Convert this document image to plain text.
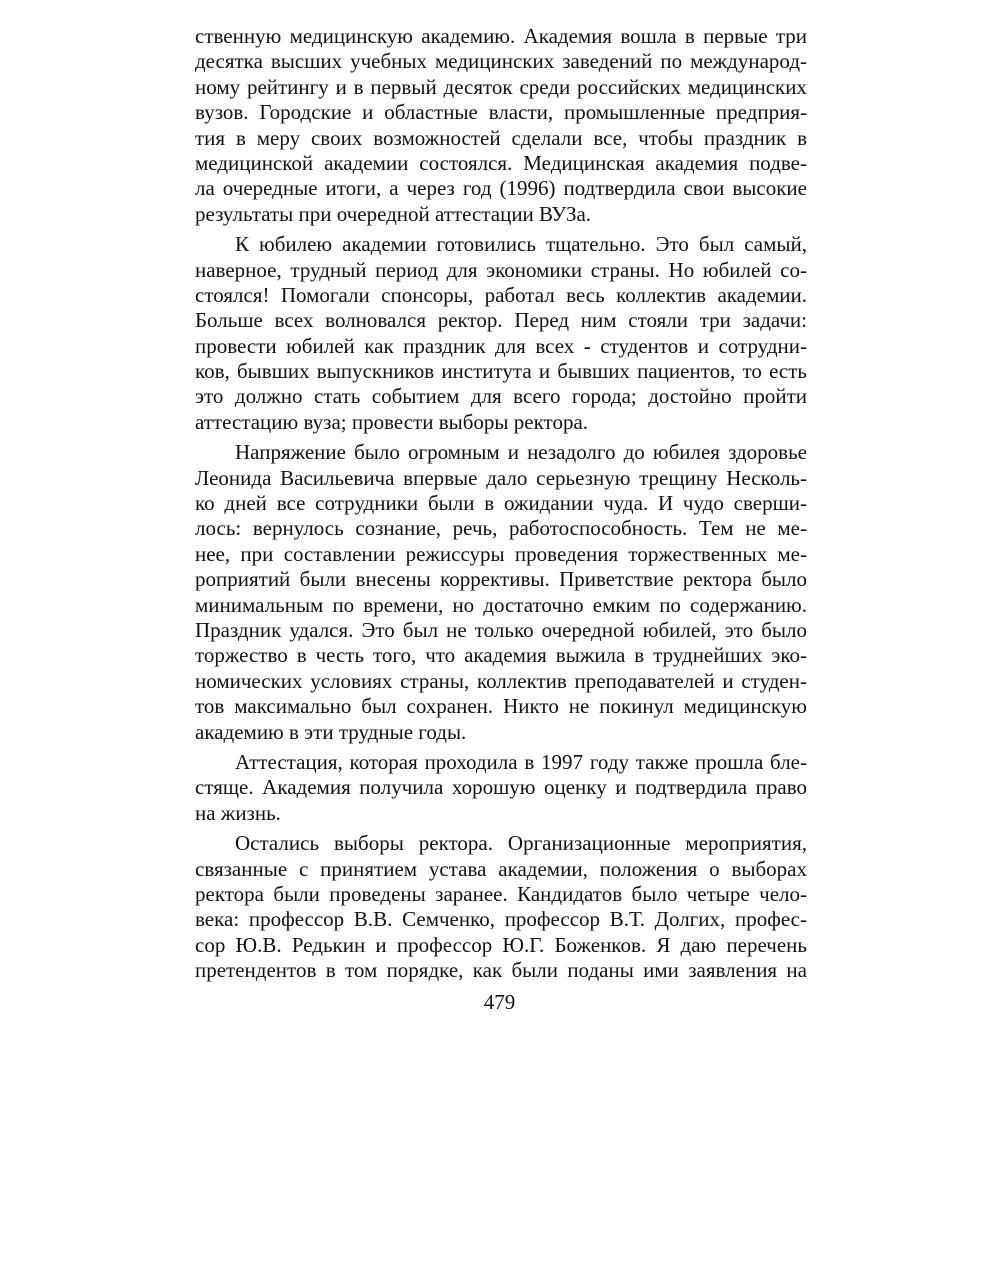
ственную медицинскую академию. Академия вошла в первые три
десятка высших учебных медицинских заведений по международ-
ному рейтингу и в первый десяток среди российских медицинских
вузов. Городские и областные власти, промышленные предприя-
тия в меру своих возможностей сделали все, чтобы праздник в
медицинской академии состоялся. Медицинская академия подве-
ла очередные итоги, а через год (1996) подтвердила свои высокие
результаты при очередной аттестации ВУЗа.
К юбилею академии готовились тщательно. Это был самый,
наверное, трудный период для экономики страны. Но юбилей со-
стоялся! Помогали спонсоры, работал весь коллектив академии.
Больше всех волновался ректор. Перед ним стояли три задачи:
провести юбилей как праздник для всех - студентов и сотрудни-
ков, бывших выпускников института и бывших пациентов, то есть
это должно стать событием для всего города; достойно пройти
аттестацию вуза; провести выборы ректора.
Напряжение было огромным и незадолго до юбилея здоровье
Леонида Васильевича впервые дало серьезную трещину Несколь-
ко дней все сотрудники были в ожидании чуда. И чудо сверши-
лось: вернулось сознание, речь, работоспособность. Тем не ме-
нее, при составлении режиссуры проведения торжественных ме-
роприятий были внесены коррективы. Приветствие ректора было
минимальным по времени, но достаточно емким по содержанию.
Праздник удался. Это был не только очередной юбилей, это было
торжество в честь того, что академия выжила в труднейших эко-
номических условиях страны, коллектив преподавателей и студен-
тов максимально был сохранен. Никто не покинул медицинскую
академию в эти трудные годы.
Аттестация, которая проходила в 1997 году также прошла бле-
стяще. Академия получила хорошую оценку и подтвердила право
на жизнь.
Остались выборы ректора. Организационные мероприятия,
связанные с принятием устава академии, положения о выборах
ректора были проведены заранее. Кандидатов было четыре чело-
века: профессор В.В. Семченко, профессор В.Т. Долгих, профес-
сор Ю.В. Редькин и профессор Ю.Г. Боженков. Я даю перечень
претендентов в том порядке, как были поданы ими заявления на
479
